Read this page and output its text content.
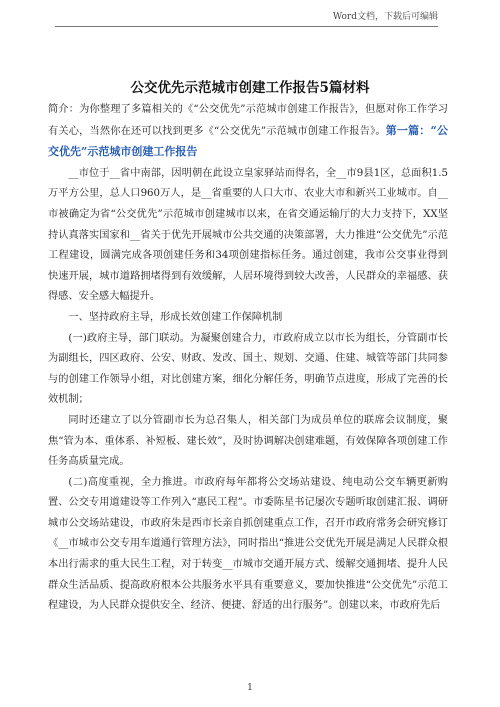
Word文档，下载后可编辑
公交优先示范城市创建工作报告5篇材料

简介：为你整理了多篇相关的《“公交优先”示范城市创建工作报告》，但愿对你工作学习有关心，当然你在还可以找到更多《“公交优先”示范城市创建工作报告》。第一篇：“公交优先”示范城市创建工作报告

__市位于__省中南部，因明朝在此设立皇家驿站而得名，全__市9县1区，总面积1.5万平方公里，总人口960万人，是__省重要的人口大市、农业大市和新兴工业城市。自__市被确定为省“公交优先”示范城市创建城市以来，在省交通运输厅的大力支持下，XX坚持认真落实国家和__省关于优先开展城市公共交通的决策部署，大力推进“公交优先”示范工程建设，圆满完成各项创建任务和34项创建指标任务。通过创建，我市公交事业得到快速开展，城市道路拥堵得到有效缓解，人居环境得到较大改善，人民群众的幸福感、获得感、安全感大幅提升。

一、坚持政府主导，形成长效创建工作保障机制

(一)政府主导，部门联动。为凝聚创建合力，市政府成立以市长为组长，分管副市长为副组长，四区政府、公安、财政、发改、国土、规划、交通、住建、城管等部门共同参与的创建工作领导小组，对比创建方案，细化分解任务，明确节点进度，形成了完善的长效机制；

同时还建立了以分管副市长为总召集人，相关部门为成员单位的联席会议制度，聚焦“管为本、重体系、补短板、建长效”，及时协调解决创建难题，有效保障各项创建工作任务高质量完成。

(二)高度重视，全力推进。市政府每年都将公交场站建设、纯电动公交车辆更新购置、公交专用道建设等工作列入“惠民工程”。市委陈星书记屡次专题听取创建汇报、调研城市公交场站建设，市政府朱是西市长亲自抓创建重点工作，召开市政府常务会研究修订《__市城市公交专用车道通行管理方法》，同时指出“推进公交优先开展是满足人民群众根本出行需求的重大民生工程，对于转变__市城市交通开展方式、缓解交通拥堵、提升人民群众生活品质、提高政府根本公共服务水平具有重要意义，要加快推进“公交优先”示范工程建设，为人民群众提供安全、经济、便捷、舒适的出行服务”。创建以来，市政府先后

1
